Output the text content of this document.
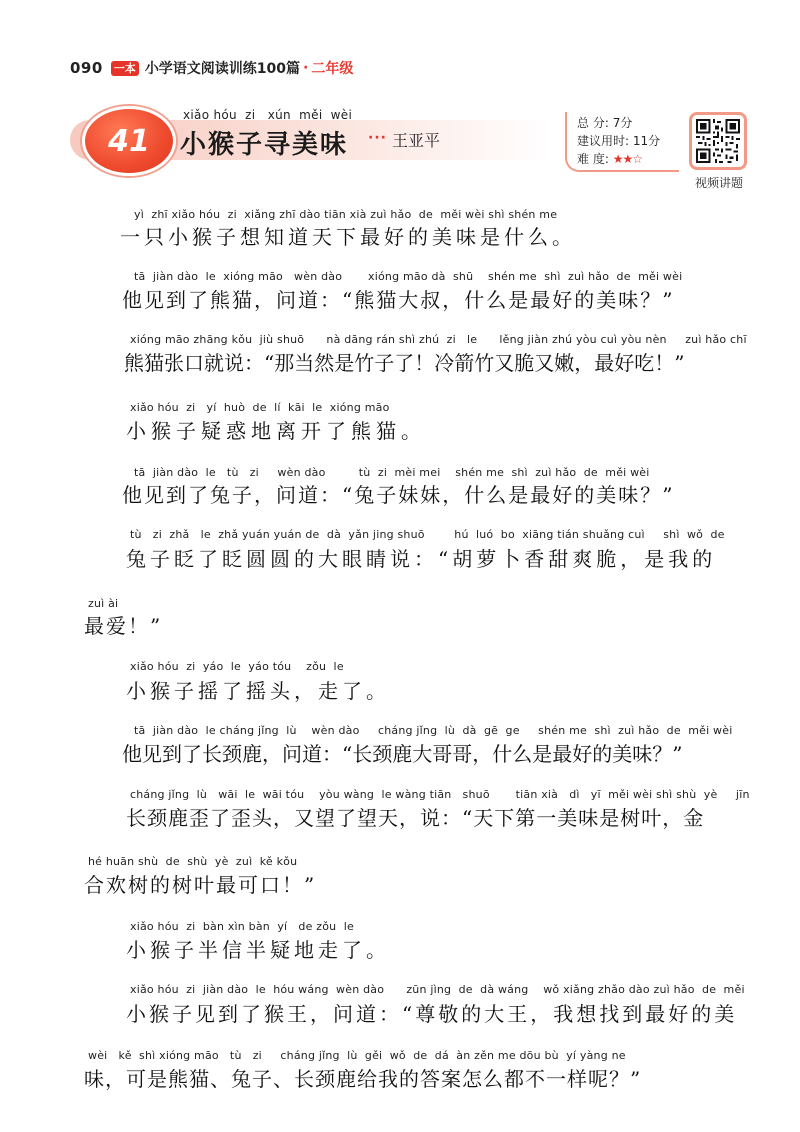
090 一本 小学语文阅读训练100篇 · 二年级
41
xiǎo hóu  zi   xún  měi  wèi
小猴子寻美味 ··· 王亚平
总 分: 7分
建议用时: 11分
难 度: ★★☆
视频讲题
yì  zhī xiǎo hóu  zi  xiǎng zhī dào tiān xià zuì hǎo  de  měi wèi shì shén me
一只小猴子想知道天下最好的美味是什么。
tā  jiàn dào  le  xióng māo   wèn dào       xióng māo dà  shū    shén me  shì  zuì hǎo  de  měi wèi
他见到了熊猫，问道：“熊猫大叔，什么是最好的美味？”
xióng māo zhāng kǒu  jiù shuō      nà dāng rán shì zhú  zi   le      lěng jiàn zhú yòu cuì yòu nèn     zuì hǎo chī
熊猫张口就说：“那当然是竹子了！冷箭竹又脆又嫩，最好吃！”
xiǎo hóu  zi   yí  huò  de  lí  kāi  le  xióng māo
小猴子疑惑地离开了熊猫。
tā  jiàn dào  le   tù   zi     wèn dào         tù  zi  mèi mei    shén me  shì  zuì hǎo  de  měi wèi
他见到了兔子，问道：“兔子妹妹，什么是最好的美味？”
tù   zi  zhǎ   le  zhǎ yuán yuán de  dà  yǎn jing shuō        hú  luó  bo  xiāng tián shuǎng cuì     shì  wǒ  de
兔子眨了眨圆圆的大眼睛说：“胡萝卜香甜爽脆，是我的
zuì ài
最爱！”
xiǎo hóu  zi  yáo  le  yáo tóu    zǒu  le
小猴子摇了摇头，走了。
tā  jiàn dào  le cháng jǐng  lù    wèn dào     cháng jǐng  lù  dà  gē  ge     shén me  shì  zuì hǎo  de  měi wèi
他见到了长颈鹿，问道：“长颈鹿大哥哥，什么是最好的美味？”
cháng jǐng  lù   wāi  le  wāi tóu    yòu wàng  le wàng tiān   shuō       tiān xià   dì   yī  měi wèi shì shù  yè     jīn
长颈鹿歪了歪头，又望了望天，说：“天下第一美味是树叶，金
hé huān shù  de  shù  yè  zuì  kě kǒu
合欢树的树叶最可口！”
xiǎo hóu  zi  bàn xìn bàn  yí   de zǒu  le
小猴子半信半疑地走了。
xiǎo hóu  zi  jiàn dào  le  hóu wáng  wèn dào      zūn jìng  de  dà wáng    wǒ xiǎng zhǎo dào zuì hǎo  de  měi
小猴子见到了猴王，问道：“尊敬的大王，我想找到最好的美
wèi   kě  shì xióng māo   tù   zi     cháng jǐng  lù  gěi  wǒ  de  dá  àn zěn me dōu bù  yí yàng ne
味，可是熊猫、兔子、长颈鹿给我的答案怎么都不一样呢？”
